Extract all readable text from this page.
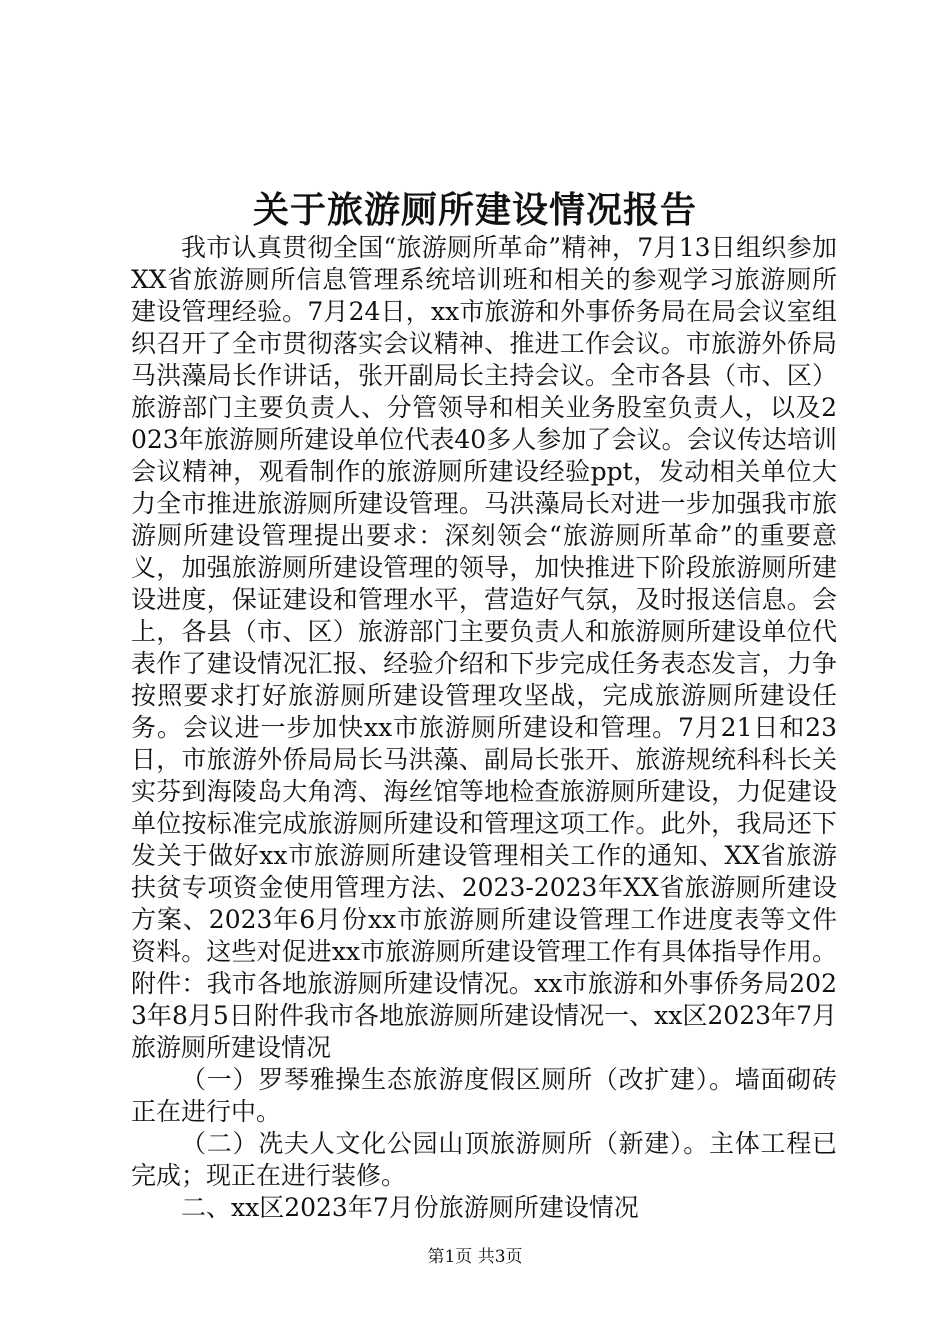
关于旅游厕所建设情况报告

我市认真贯彻全国“旅游厕所革命”精神，7月13日组织参加XX省旅游厕所信息管理系统培训班和相关的参观学习旅游厕所建设管理经验。7月24日，xx市旅游和外事侨务局在局会议室组织召开了全市贯彻落实会议精神、推进工作会议。市旅游外侨局马洪藻局长作讲话，张开副局长主持会议。全市各县（市、区）旅游部门主要负责人、分管领导和相关业务股室负责人，以及2023年旅游厕所建设单位代表40多人参加了会议。会议传达培训会议精神，观看制作的旅游厕所建设经验ppt，发动相关单位大力全市推进旅游厕所建设管理。马洪藻局长对进一步加强我市旅游厕所建设管理提出要求：深刻领会“旅游厕所革命”的重要意义，加强旅游厕所建设管理的领导，加快推进下阶段旅游厕所建设进度，保证建设和管理水平，营造好气氛，及时报送信息。会上，各县（市、区）旅游部门主要负责人和旅游厕所建设单位代表作了建设情况汇报、经验介绍和下步完成任务表态发言，力争按照要求打好旅游厕所建设管理攻坚战，完成旅游厕所建设任务。会议进一步加快xx市旅游厕所建设和管理。7月21日和23日，市旅游外侨局局长马洪藻、副局长张开、旅游规统科科长关实芬到海陵岛大角湾、海丝馆等地检查旅游厕所建设，力促建设单位按标准完成旅游厕所建设和管理这项工作。此外，我局还下发关于做好xx市旅游厕所建设管理相关工作的通知、XX省旅游扶贫专项资金使用管理方法、2023-2023年XX省旅游厕所建设方案、2023年6月份xx市旅游厕所建设管理工作进度表等文件资料。这些对促进xx市旅游厕所建设管理工作有具体指导作用。附件：我市各地旅游厕所建设情况。xx市旅游和外事侨务局2023年8月5日附件我市各地旅游厕所建设情况一、xx区2023年7月旅游厕所建设情况

（一）罗琴雅操生态旅游度假区厕所（改扩建）。墙面砌砖正在进行中。

（二）冼夫人文化公园山顶旅游厕所（新建）。主体工程已完成；现正在进行装修。

二、xx区2023年7月份旅游厕所建设情况

第1页 共3页
